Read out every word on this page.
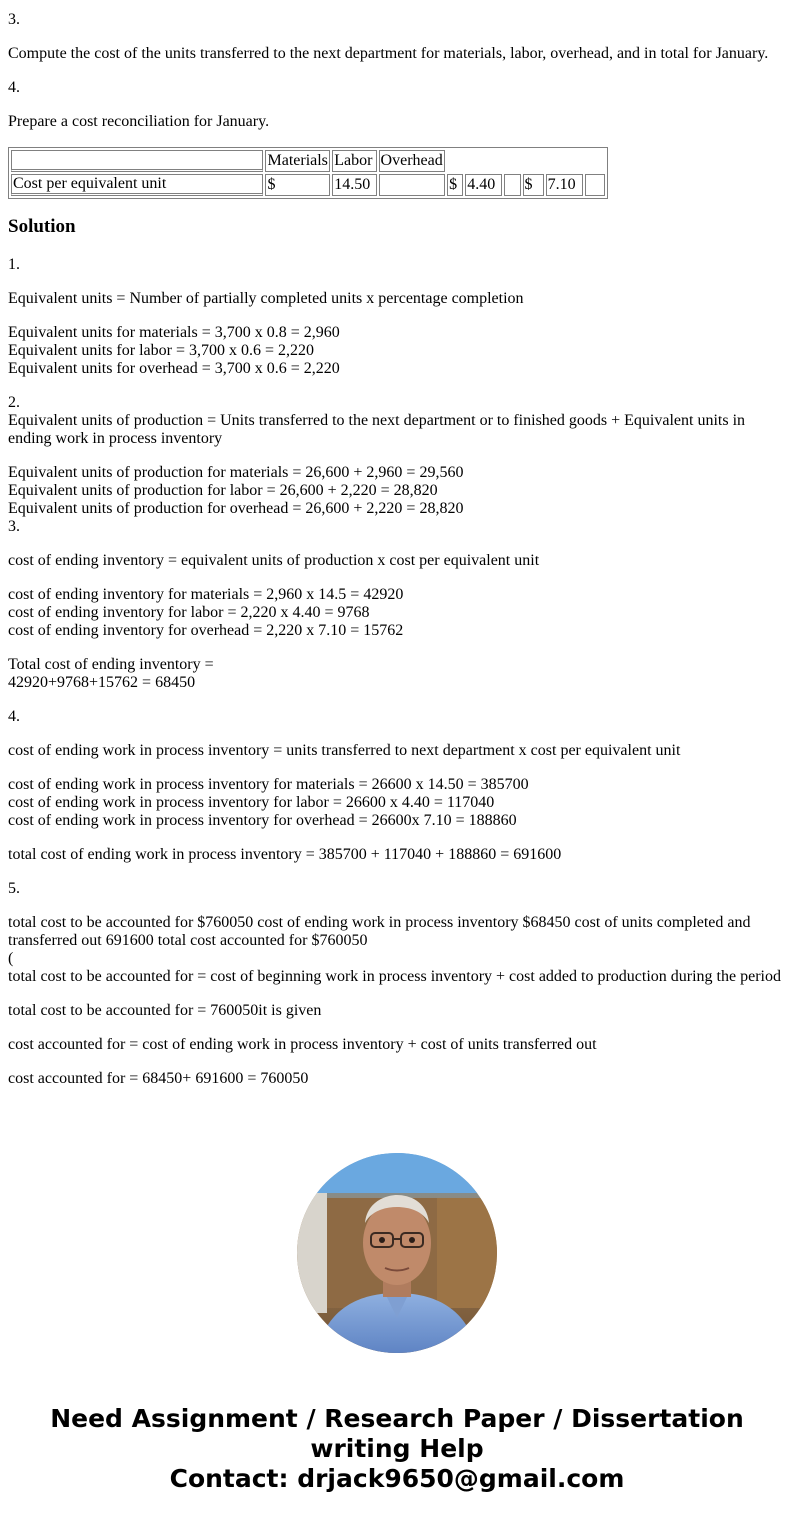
3.

Compute the cost of the units transferred to the next department for materials, labor, overhead, and in total for January.

4.

Prepare a cost reconciliation for January.

	Materials	Labor	Overhead						
Cost per equivalent unit	$	14.50		$	4.40		$	7.10	
Solution

1.

Equivalent units = Number of partially completed units x percentage completion

Equivalent units for materials = 3,700 x 0.8 = 2,960
Equivalent units for labor = 3,700 x 0.6 = 2,220
Equivalent units for overhead = 3,700 x 0.6 = 2,220
2.

Equivalent units of production = Units transferred to the next department or to finished goods + Equivalent units in ending work in process inventory

Equivalent units of production for materials = 26,600 + 2,960 = 29,560
Equivalent units of production for labor = 26,600 + 2,220 = 28,820
Equivalent units of production for overhead = 26,600 + 2,220 = 28,820

3.

cost of ending inventory = equivalent units of production x cost per equivalent unit

cost of ending inventory for materials = 2,960 x 14.5 = 42920
cost of ending inventory for labor = 2,220 x 4.40 = 9768
cost of ending inventory for overhead = 2,220 x 7.10 = 15762
Total cost of ending inventory =
42920+9768+15762 = 68450

4.

cost of ending work in process inventory = units transferred to next department x cost per equivalent unit

cost of ending work in process inventory for materials = 26600 x 14.50 = 385700
cost of ending work in process inventory for labor = 26600 x 4.40 = 117040
cost of ending work in process inventory for overhead = 26600x 7.10 = 188860

total cost of ending work in process inventory = 385700 + 117040 + 188860 = 691600

5.

total cost to be accounted for $760050 cost of ending work in process inventory $68450 cost of units completed and transferred out 691600 total cost accounted for $760050

(

total cost to be accounted for = cost of beginning work in process inventory + cost added to production during the period

total cost to be accounted for = 760050it is given

cost accounted for = cost of ending work in process inventory + cost of units transferred out

cost accounted for = 68450+ 691600 = 760050

Need Assignment / Research Paper / Dissertation
writing Help
Contact: drjack9650@gmail.com
